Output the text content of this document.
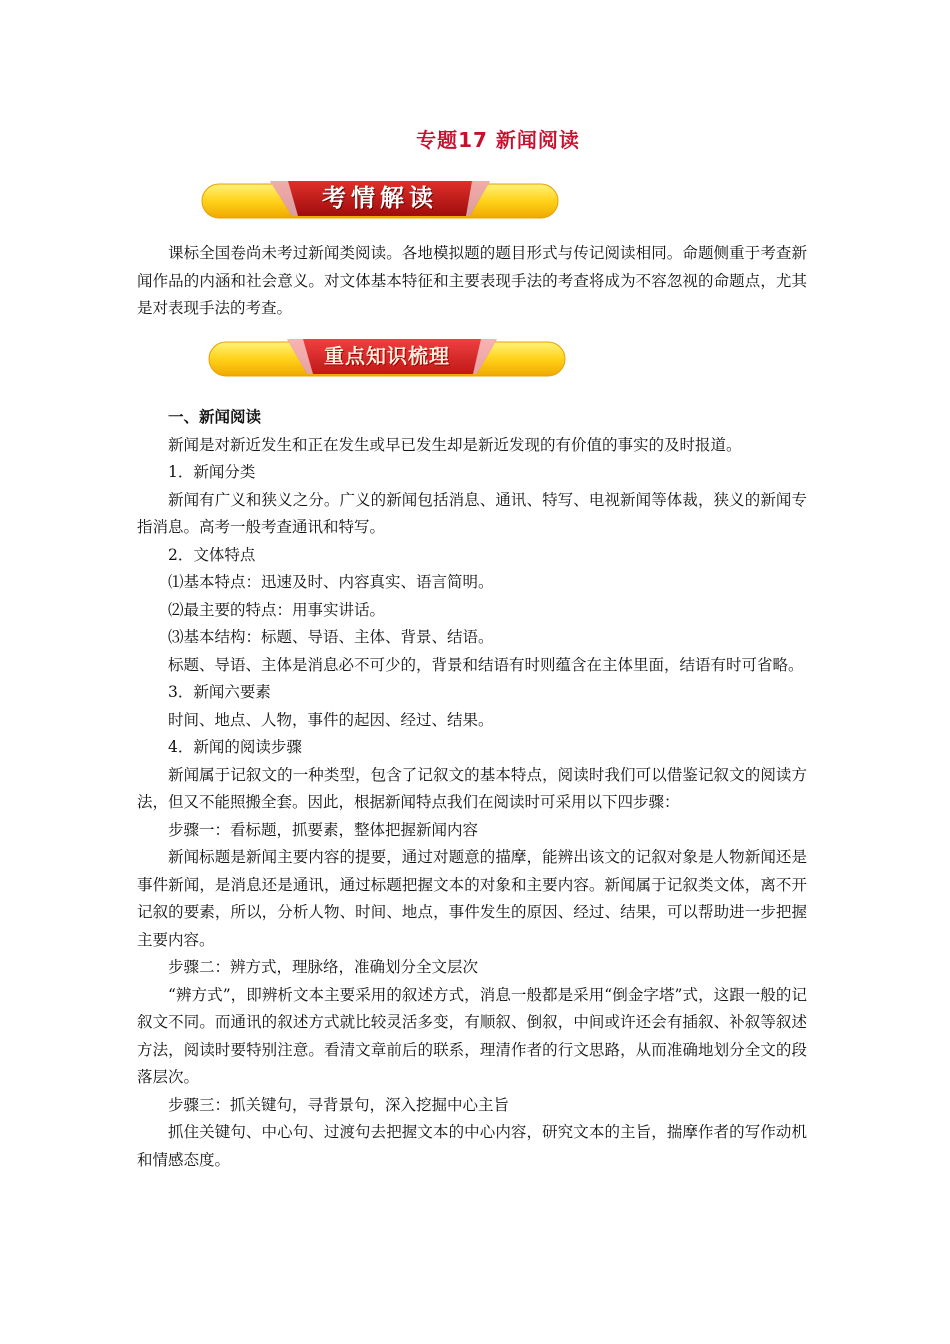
专题17 新闻阅读
考情解读

课标全国卷尚未考过新闻类阅读。各地模拟题的题目形式与传记阅读相同。命题侧重于考查新闻作品的内涵和社会意义。对文体基本特征和主要表现手法的考查将成为不容忽视的命题点，尤其是对表现手法的考查。

重点知识梳理

一、新闻阅读

新闻是对新近发生和正在发生或早已发生却是新近发现的有价值的事实的及时报道。

1．新闻分类

新闻有广义和狭义之分。广义的新闻包括消息、通讯、特写、电视新闻等体裁，狭义的新闻专指消息。高考一般考查通讯和特写。

2．文体特点

⑴基本特点：迅速及时、内容真实、语言简明。

⑵最主要的特点：用事实讲话。

⑶基本结构：标题、导语、主体、背景、结语。

标题、导语、主体是消息必不可少的，背景和结语有时则蕴含在主体里面，结语有时可省略。

3．新闻六要素

时间、地点、人物，事件的起因、经过、结果。

4．新闻的阅读步骤

新闻属于记叙文的一种类型，包含了记叙文的基本特点，阅读时我们可以借鉴记叙文的阅读方法，但又不能照搬全套。因此，根据新闻特点我们在阅读时可采用以下四步骤：

步骤一：看标题，抓要素，整体把握新闻内容

新闻标题是新闻主要内容的提要，通过对题意的描摩，能辨出该文的记叙对象是人物新闻还是事件新闻，是消息还是通讯，通过标题把握文本的对象和主要内容。新闻属于记叙类文体，离不开记叙的要素，所以，分析人物、时间、地点，事件发生的原因、经过、结果，可以帮助进一步把握主要内容。

步骤二：辨方式，理脉络，准确划分全文层次

“辨方式”，即辨析文本主要采用的叙述方式，消息一般都是采用“倒金字塔”式，这跟一般的记叙文不同。而通讯的叙述方式就比较灵活多变，有顺叙、倒叙，中间或许还会有插叙、补叙等叙述方法，阅读时要特别注意。看清文章前后的联系，理清作者的行文思路，从而准确地划分全文的段落层次。

步骤三：抓关键句，寻背景句，深入挖掘中心主旨

抓住关键句、中心句、过渡句去把握文本的中心内容，研究文本的主旨，揣摩作者的写作动机和情感态度。
